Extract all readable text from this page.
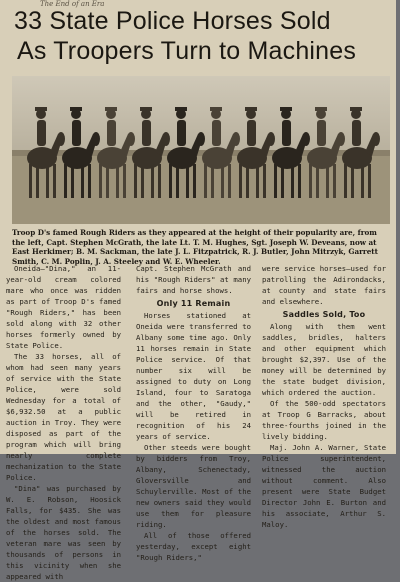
The End of an Era
33 State Police Horses Sold
As Troopers Turn to Machines
Troop D's famed Rough Riders as they appeared at the height of their popularity are, from the left, Capt. Stephen McGrath, the late Lt. T. M. Hughes, Sgt. Joseph W. Deveans, now at East Herkimer; B. M. Sackman, the late J. L. Fitzpatrick, R. J. Butler, John Mitrzyk, Garrett Smith, C. M. Poplin, J. A. Steeley and W. E. Wheeler.

Oneida—"Dina," an 11-year-old cream colored mare who once was ridden as part of Troop D's famed "Rough Riders," has been sold along with 32 other horses formerly owned by State Police.

The 33 horses, all of whom had seen many years of service with the State Police, were sold Wednesday for a total of $6,932.50 at a public auction in Troy. They were disposed as part of the program which will bring nearly complete mechanization to the State Police.

"Dina" was purchased by W. E. Robson, Hoosick Falls, for $435. She was the oldest and most famous of the horses sold. The veteran mare was seen by thousands of persons in this vicinity when she appeared with

Capt. Stephen McGrath and his "Rough Riders" at many fairs and horse shows.

Only 11 Remain

Horses stationed at Oneida were transferred to Albany some time ago. Only 11 horses remain in State Police service. Of that number six will be assigned to duty on Long Island, four to Saratoga and the other, "Gaudy," will be retired in recognition of his 24 years of service.

Other steeds were bought by bidders from Troy, Albany, Schenectady, Gloversville and Schuylerville. Most of the new owners said they would use them for pleasure riding.

All of those offered yesterday, except eight "Rough Riders,"

were service horses—used for patrolling the Adirondacks, at county and state fairs and elsewhere.

Saddles Sold, Too

Along with them went saddles, bridles, halters and other equipment which brought $2,397. Use of the money will be determined by the state budget division, which ordered the auction.

Of the 500-odd spectators at Troop G Barracks, about three-fourths joined in the lively bidding.

Maj. John A. Warner, State Police superintendent, witnessed the auction without comment. Also present were State Budget Director John E. Burton and his associate, Arthur S. Maloy.
